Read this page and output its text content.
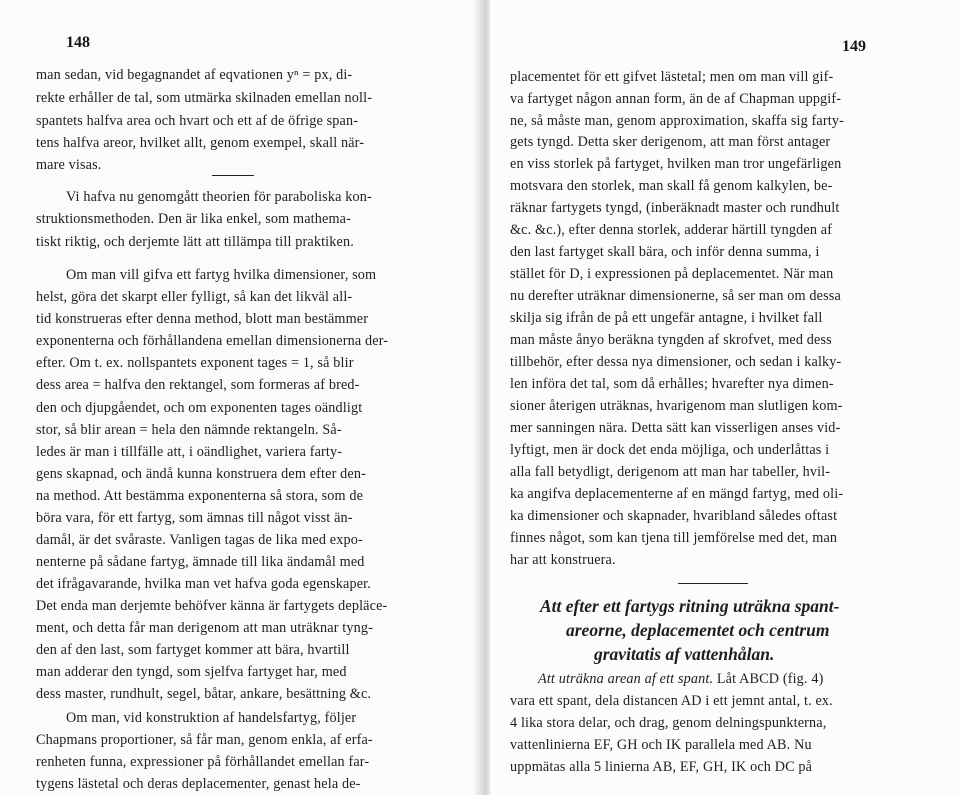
148
man sedan, vid begagnandet af eqvationen yⁿ = px, di-
rekte erhåller de tal, som utmärka skilnaden emellan noll-
spantets halfva area och hvart och ett af de öfrige span-
tens halfva areor, hvilket allt, genom exempel, skall när-
mare visas.
Vi hafva nu genomgått theorien för paraboliska kon-
struktionsmethoden. Den är lika enkel, som mathema-
tiskt riktig, och derjemte lätt att tillämpa till praktiken.
Om man vill gifva ett fartyg hvilka dimensioner, som
helst, göra det skarpt eller fylligt, så kan det likväl all-
tid konstrueras efter denna method, blott man bestämmer
exponenterna och förhållandena emellan dimensionerna der-
efter. Om t. ex. nollspantets exponent tages = 1, så blir
dess area = halfva den rektangel, som formeras af bred-
den och djupgåendet, och om exponenten tages oändligt
stor, så blir arean = hela den nämnde rektangeln. Så-
ledes är man i tillfälle att, i oändlighet, variera farty-
gens skapnad, och ändå kunna konstruera dem efter den-
na method. Att bestämma exponenterna så stora, som de
böra vara, för ett fartyg, som ämnas till något visst än-
damål, är det svåraste. Vanligen tagas de lika med expo-
nenterne på sådane fartyg, ämnade till lika ändamål med
det ifrågavarande, hvilka man vet hafva goda egenskaper.
Det enda man derjemte behöfver känna är fartygets depläce-
ment, och detta får man derigenom att man uträknar tyng-
den af den last, som fartyget kommer att bära, hvartill
man adderar den tyngd, som sjelfva fartyget har, med
dess master, rundhult, segel, båtar, ankare, besättning &c.
Om man, vid konstruktion af handelsfartyg, följer
Chapmans proportioner, så får man, genom enkla, af erfa-
renheten funna, expressioner på förhållandet emellan far-
tygens lästetal och deras deplacementer, genast hela de-
149
placementet för ett gifvet lästetal; men om man vill gif-
va fartyget någon annan form, än de af Chapman uppgif-
ne, så måste man, genom approximation, skaffa sig farty-
gets tyngd. Detta sker derigenom, att man först antager
en viss storlek på fartyget, hvilken man tror ungefärligen
motsvara den storlek, man skall få genom kalkylen, be-
räknar fartygets tyngd, (inberäknadt master och rundhult
&c. &c.), efter denna storlek, adderar härtill tyngden af
den last fartyget skall bära, och inför denna summa, i
stället för D, i expressionen på deplacementet. När man
nu derefter uträknar dimensionerne, så ser man om dessa
skilja sig ifrån de på ett ungefär antagne, i hvilket fall
man måste ånyo beräkna tyngden af skrofvet, med dess
tillbehör, efter dessa nya dimensioner, och sedan i kalky-
len införa det tal, som då erhålles; hvarefter nya dimen-
sioner återigen uträknas, hvarigenom man slutligen kom-
mer sanningen nära. Detta sätt kan visserligen anses vid-
lyftigt, men är dock det enda möjliga, och underlåttas i
alla fall betydligt, derigenom att man har tabeller, hvil-
ka angifva deplacementerne af en mängd fartyg, med oli-
ka dimensioner och skapnader, hvaribland således oftast
finnes något, som kan tjena till jemförelse med det, man
har att konstruera.
Att efter ett fartygs ritning uträkna spant-
areorne, deplacementet och centrum
gravitatis af vattenhålan.
Att uträkna arean af ett spant. Låt ABCD (fig. 4)
vara ett spant, dela distancen AD i ett jemnt antal, t. ex.
4 lika stora delar, och drag, genom delningspunkterna,
vattenlinierna EF, GH och IK parallela med AB. Nu
uppmätas alla 5 linierna AB, EF, GH, IK och DC på
